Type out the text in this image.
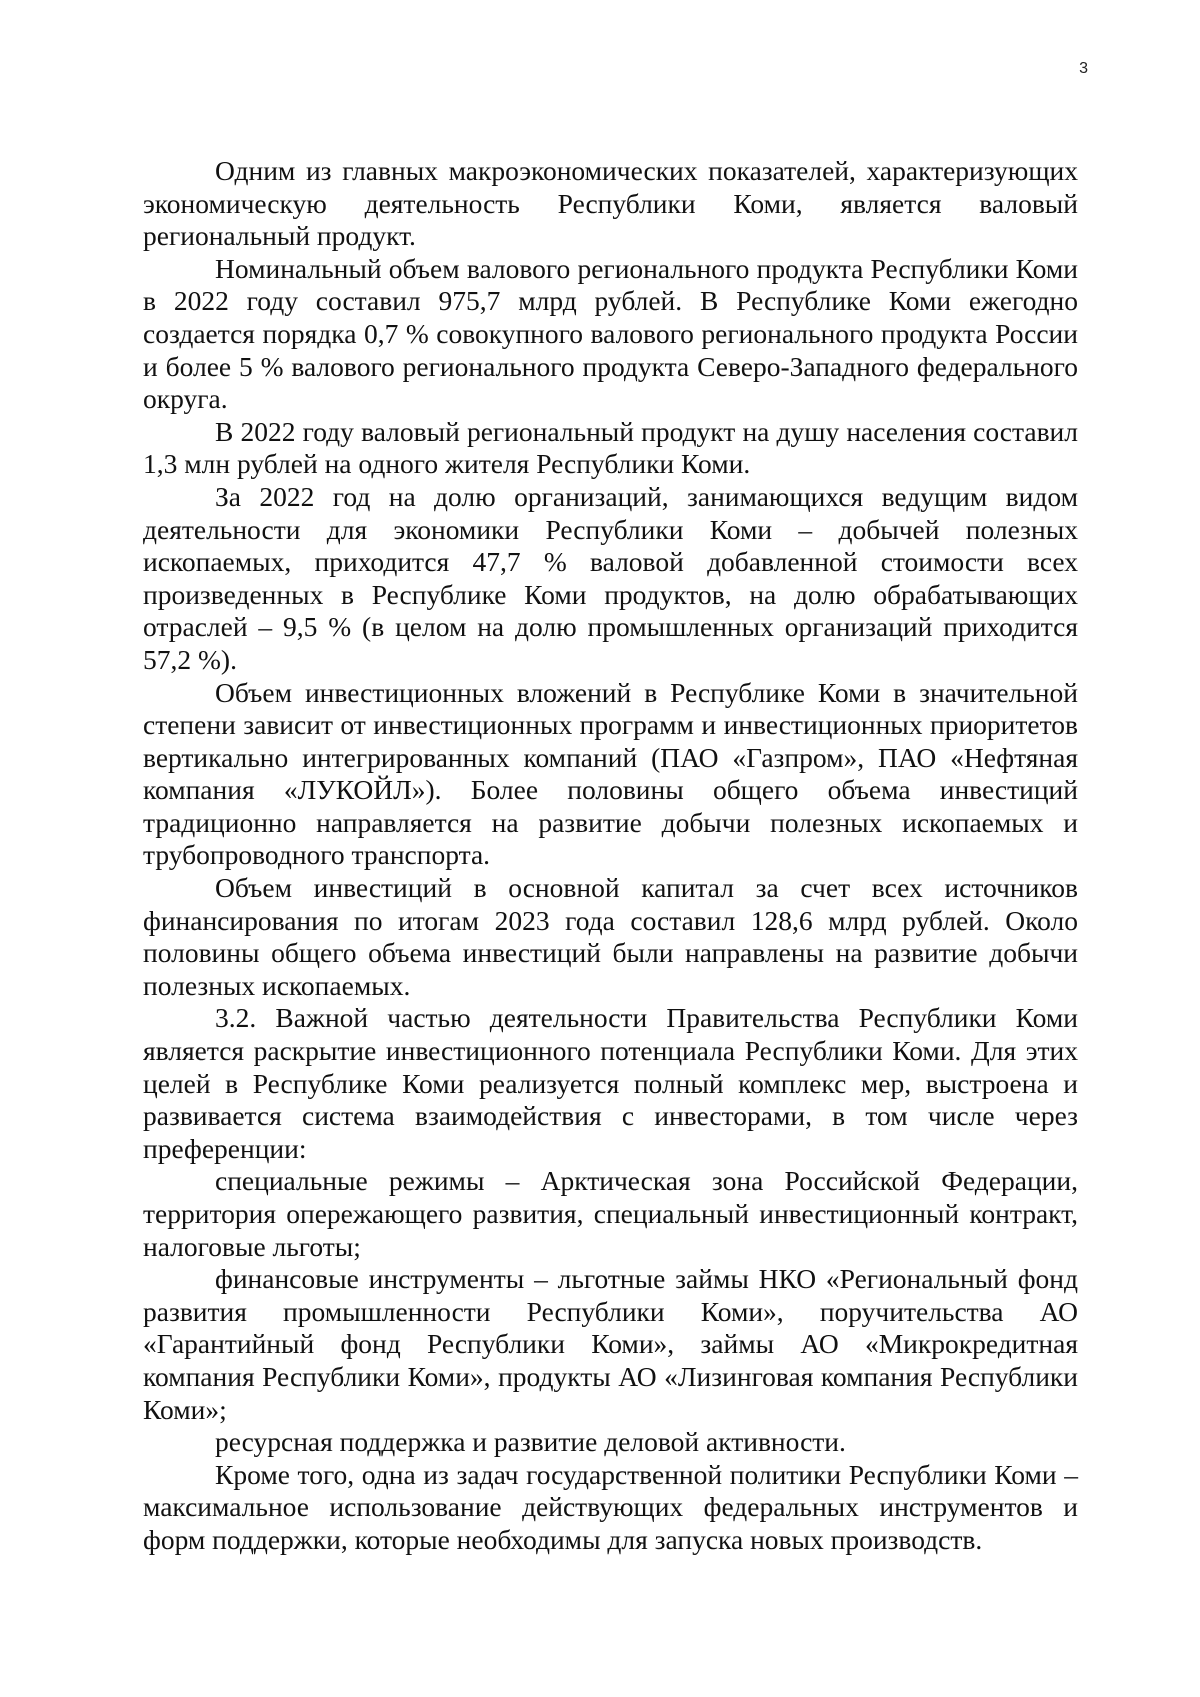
3

Одним из главных макроэкономических показателей, характеризующих экономическую деятельность Республики Коми, является валовый региональный продукт.

Номинальный объем валового регионального продукта Республики Коми в 2022 году составил 975,7 млрд рублей. В Республике Коми ежегодно создается порядка 0,7 % совокупного валового регионального продукта России и более 5 % валового регионального продукта Северо-Западного федерального округа.

В 2022 году валовый региональный продукт на душу населения составил 1,3 млн рублей на одного жителя Республики Коми.

За 2022 год на долю организаций, занимающихся ведущим видом деятельности для экономики Республики Коми – добычей полезных ископаемых, приходится 47,7 % валовой добавленной стоимости всех произведенных в Республике Коми продуктов, на долю обрабатывающих отраслей – 9,5 % (в целом на долю промышленных организаций приходится 57,2 %).

Объем инвестиционных вложений в Республике Коми в значительной степени зависит от инвестиционных программ и инвестиционных приоритетов вертикально интегрированных компаний (ПАО «Газпром», ПАО «Нефтяная компания «ЛУКОЙЛ»). Более половины общего объема инвестиций традиционно направляется на развитие добычи полезных ископаемых и трубопроводного транспорта.

Объем инвестиций в основной капитал за счет всех источников финансирования по итогам 2023 года составил 128,6 млрд рублей. Около половины общего объема инвестиций были направлены на развитие добычи полезных ископаемых.

3.2. Важной частью деятельности Правительства Республики Коми является раскрытие инвестиционного потенциала Республики Коми. Для этих целей в Республике Коми реализуется полный комплекс мер, выстроена и развивается система взаимодействия с инвесторами, в том числе через преференции:

специальные режимы – Арктическая зона Российской Федерации, территория опережающего развития, специальный инвестиционный контракт, налоговые льготы;

финансовые инструменты – льготные займы НКО «Региональный фонд развития промышленности Республики Коми», поручительства АО «Гарантийный фонд Республики Коми», займы АО «Микрокредитная компания Республики Коми», продукты АО «Лизинговая компания Республики Коми»;

ресурсная поддержка и развитие деловой активности.

Кроме того, одна из задач государственной политики Республики Коми – максимальное использование действующих федеральных инструментов и форм поддержки, которые необходимы для запуска новых производств.
